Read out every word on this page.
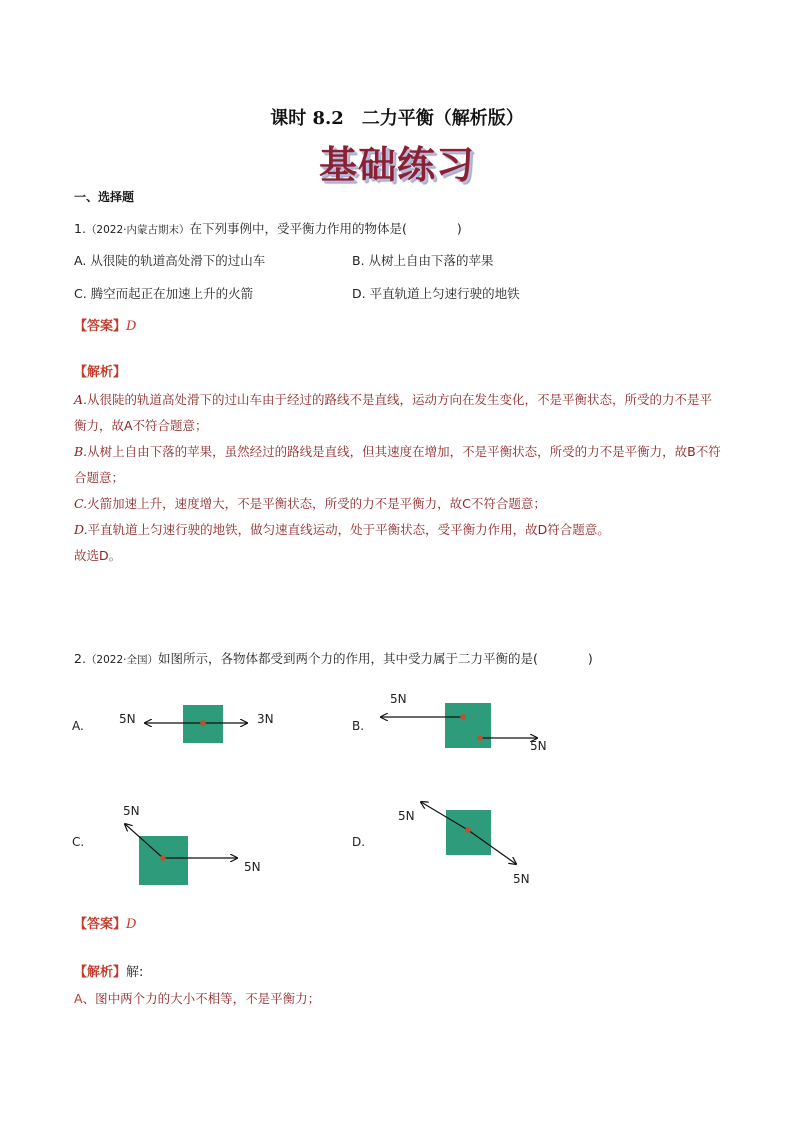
课时 8.2　二力平衡（解析版）
基础练习
一、选择题
1.（2022·内蒙古期末）在下列事例中，受平衡力作用的物体是(　　　　)
A. 从很陡的轨道高处滑下的过山车	B. 从树上自由下落的苹果
C. 腾空而起正在加速上升的火箭	D. 平直轨道上匀速行驶的地铁
【答案】D
【解析】
A.从很陡的轨道高处滑下的过山车由于经过的路线不是直线，运动方向在发生变化，不是平衡状态，所受的力不是平衡力，故A不符合题意；
B.从树上自由下落的苹果，虽然经过的路线是直线，但其速度在增加，不是平衡状态，所受的力不是平衡力，故B不符合题意；
C.火箭加速上升，速度增大，不是平衡状态，所受的力不是平衡力，故C不符合题意；
D.平直轨道上匀速行驶的地铁，做匀速直线运动，处于平衡状态，受平衡力作用，故D符合题意。
故选D。
2.（2022·全国）如图所示，各物体都受到两个力的作用，其中受力属于二力平衡的是(　　　　)
A.	5N	3N	B.
5N
5N
C.
5N
5N
D.
5N
5N
【答案】D
【解析】解:
A、图中两个力的大小不相等，不是平衡力；
